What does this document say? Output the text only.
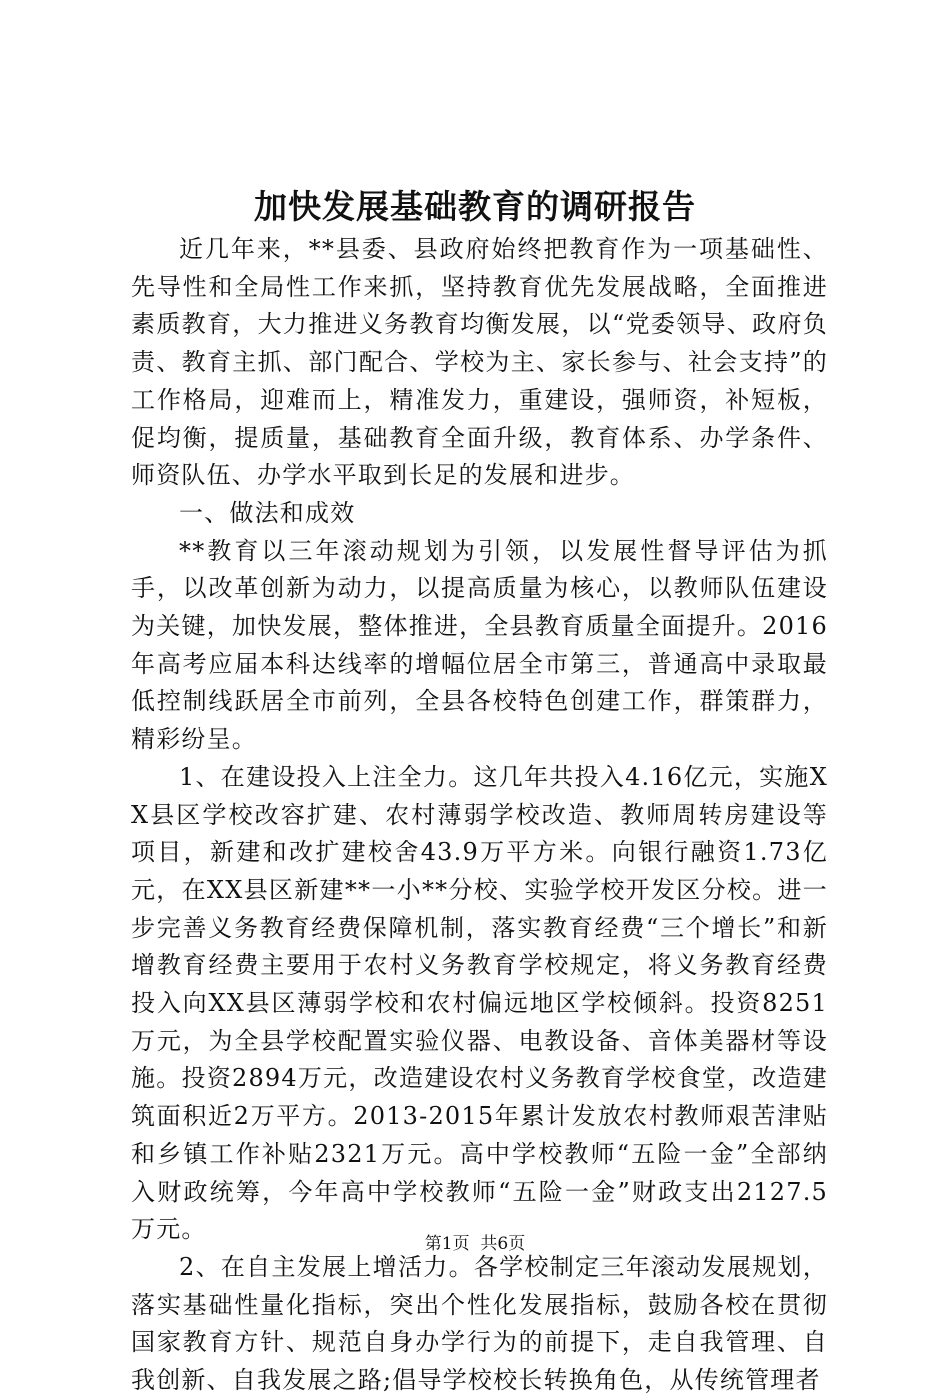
加快发展基础教育的调研报告

近几年来，**县委、县政府始终把教育作为一项基础性、先导性和全局性工作来抓，坚持教育优先发展战略，全面推进素质教育，大力推进义务教育均衡发展，以“党委领导、政府负责、教育主抓、部门配合、学校为主、家长参与、社会支持”的工作格局，迎难而上，精准发力，重建设，强师资，补短板，促均衡，提质量，基础教育全面升级，教育体系、办学条件、师资队伍、办学水平取到长足的发展和进步。

一、做法和成效

**教育以三年滚动规划为引领，以发展性督导评估为抓手，以改革创新为动力，以提高质量为核心，以教师队伍建设为关键，加快发展，整体推进，全县教育质量全面提升。2016年高考应届本科达线率的增幅位居全市第三，普通高中录取最低控制线跃居全市前列，全县各校特色创建工作，群策群力，精彩纷呈。

1、在建设投入上注全力。这几年共投入4.16亿元，实施XX县区学校改容扩建、农村薄弱学校改造、教师周转房建设等项目，新建和改扩建校舍43.9万平方米。向银行融资1.73亿元，在XX县区新建**一小**分校、实验学校开发区分校。进一步完善义务教育经费保障机制，落实教育经费“三个增长”和新增教育经费主要用于农村义务教育学校规定，将义务教育经费投入向XX县区薄弱学校和农村偏远地区学校倾斜。投资8251万元，为全县学校配置实验仪器、电教设备、音体美器材等设施。投资2894万元，改造建设农村义务教育学校食堂，改造建筑面积近2万平方。2013-2015年累计发放农村教师艰苦津贴和乡镇工作补贴2321万元。高中学校教师“五险一金”全部纳入财政统筹，今年高中学校教师“五险一金”财政支出2127.5万元。

2、在自主发展上增活力。各学校制定三年滚动发展规划，落实基础性量化指标，突出个性化发展指标，鼓励各校在贯彻国家教育方针、规范自身办学行为的前提下，走自我管理、自我创新、自我发展之路;倡导学校校长转换角色，从传统管理者

第1页 共6页
